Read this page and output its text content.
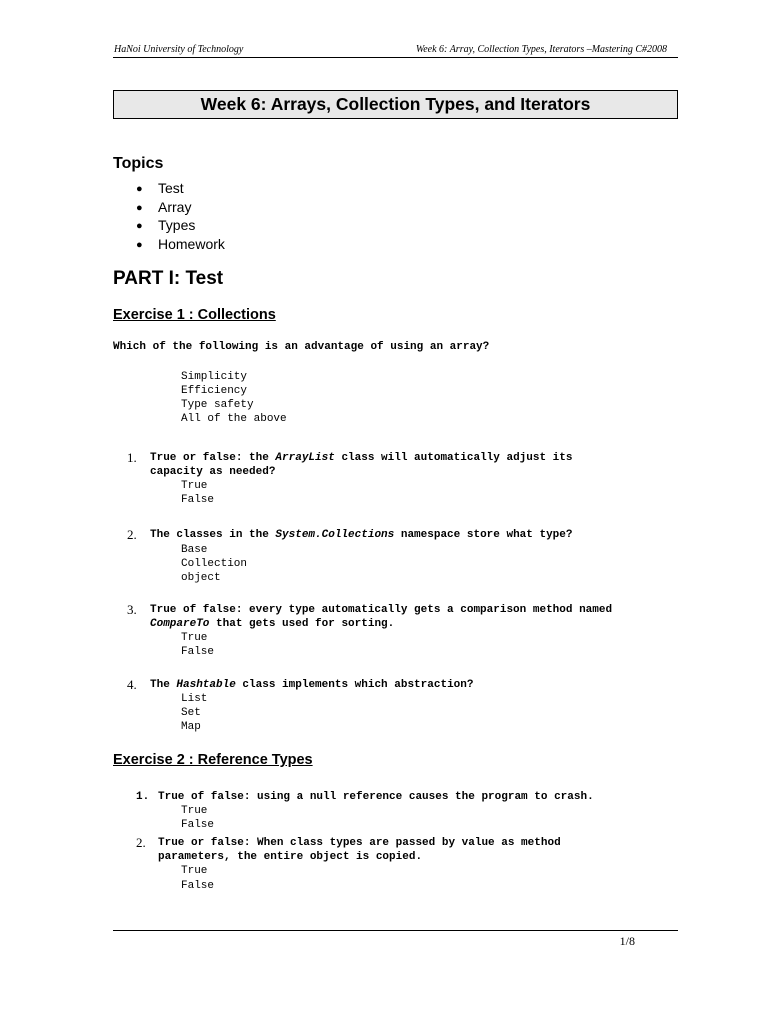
HaNoi University of Technology	Week 6: Array, Collection Types, Iterators –Mastering C#2008
Week 6: Arrays, Collection Types, and Iterators
Topics
● Test
● Array
● Types
● Homework
PART I: Test
Exercise 1 : Collections
Which of the following is an advantage of using an array?
Simplicity
Efficiency
Type safety
All of the above
1. True or false: the ArrayList class will automatically adjust its
capacity as needed?
True
False
2. The classes in the System.Collections namespace store what type?
Base
Collection
object
3. True of false: every type automatically gets a comparison method named
CompareTo that gets used for sorting.
True
False
4. The Hashtable class implements which abstraction?
List
Set
Map
Exercise 2 : Reference Types
1. True of false: using a null reference causes the program to crash.
True
False
2. True or false: When class types are passed by value as method
parameters, the entire object is copied.
True
False
1/8
